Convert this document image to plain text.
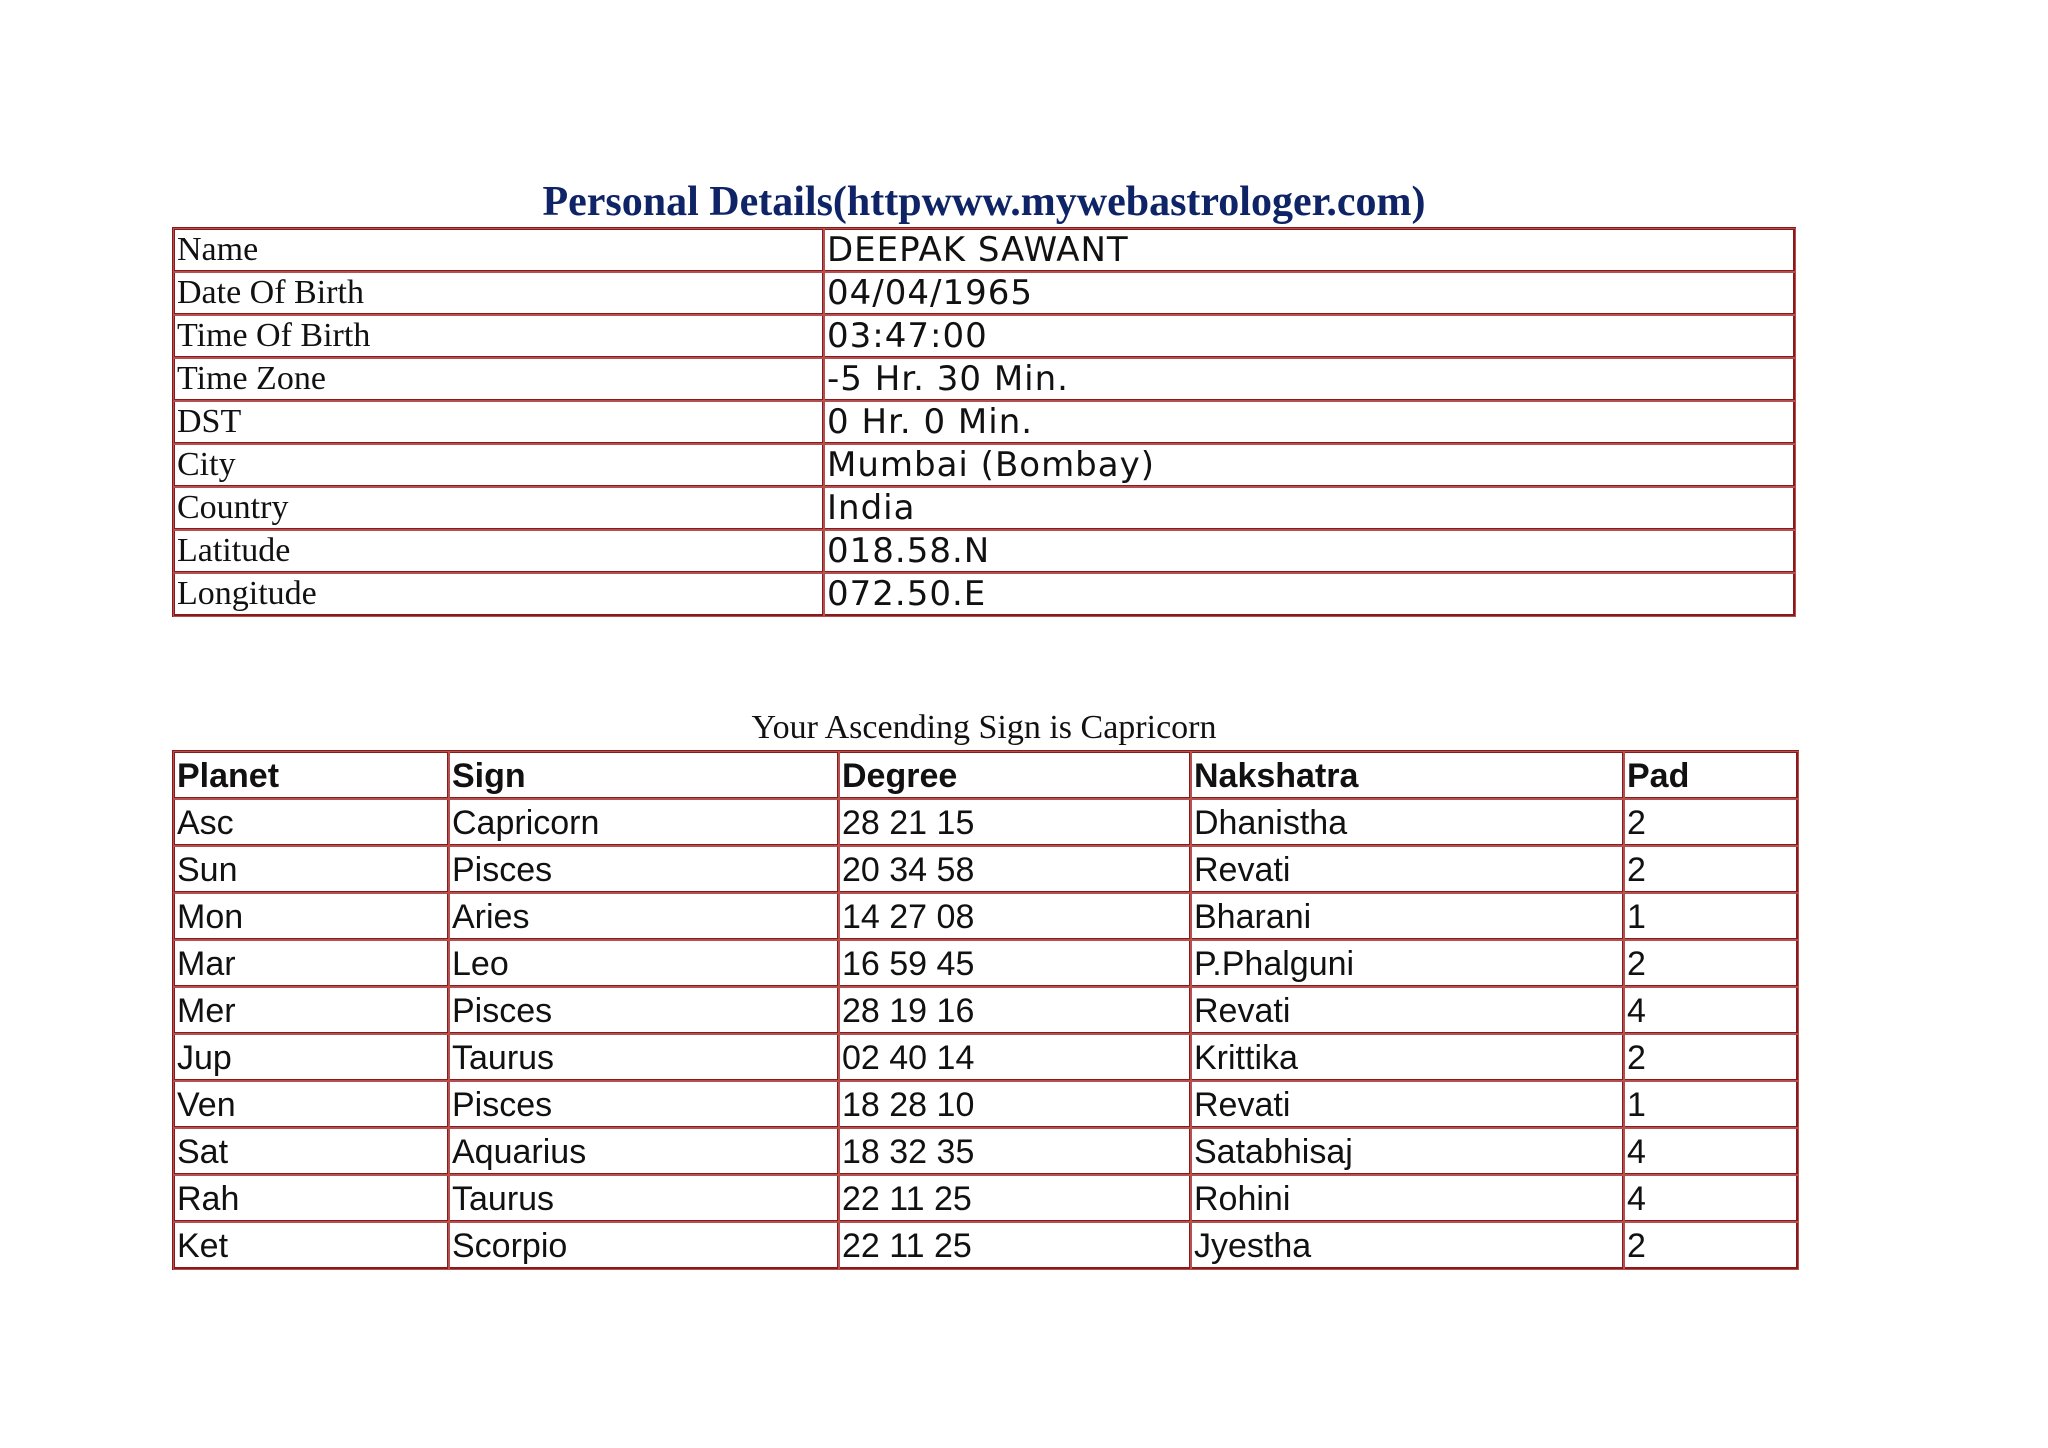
Personal Details(httpwww.mywebastrologer.com)
Name	DEEPAK SAWANT
Date Of Birth	04/04/1965
Time Of Birth	03:47:00
Time Zone	-5 Hr. 30 Min.
DST	0 Hr. 0 Min.
City	Mumbai (Bombay)
Country	India
Latitude	018.58.N
Longitude	072.50.E
Your Ascending Sign is Capricorn
Planet	Sign	Degree	Nakshatra	Pad
Asc	Capricorn	28 21 15	Dhanistha	2
Sun	Pisces	20 34 58	Revati	2
Mon	Aries	14 27 08	Bharani	1
Mar	Leo	16 59 45	P.Phalguni	2
Mer	Pisces	28 19 16	Revati	4
Jup	Taurus	02 40 14	Krittika	2
Ven	Pisces	18 28 10	Revati	1
Sat	Aquarius	18 32 35	Satabhisaj	4
Rah	Taurus	22 11 25	Rohini	4
Ket	Scorpio	22 11 25	Jyestha	2
